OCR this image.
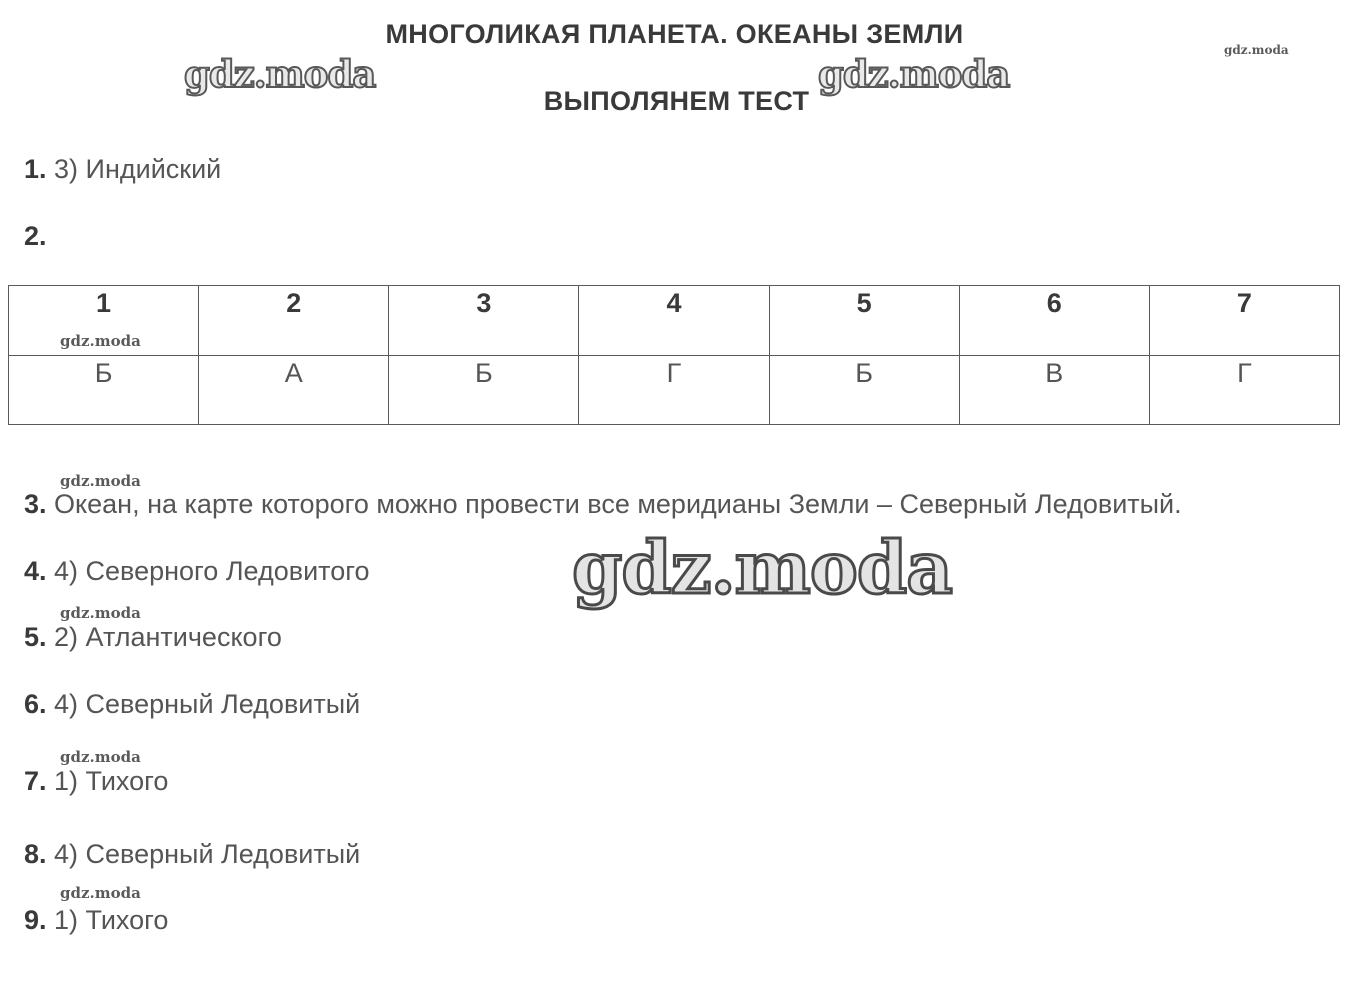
МНОГОЛИКАЯ ПЛАНЕТА. ОКЕАНЫ ЗЕМЛИ
ВЫПОЛЯНЕМ ТЕСТ
gdz.moda	gdz.moda
gdz.moda
gdz.moda
gdz.moda
gdz.moda
gdz.moda
gdz.moda
gdz.moda
1. 3) Индийский
2.
1	2	3	4	5	6	7
Б	А	Б	Г	Б	В	Г
3. Океан, на карте которого можно провести все меридианы Земли – Северный Ледовитый.
4. 4) Северного Ледовитого
5. 2) Атлантического
6. 4) Северный Ледовитый
7. 1) Тихого
8. 4) Северный Ледовитый
9. 1) Тихого
